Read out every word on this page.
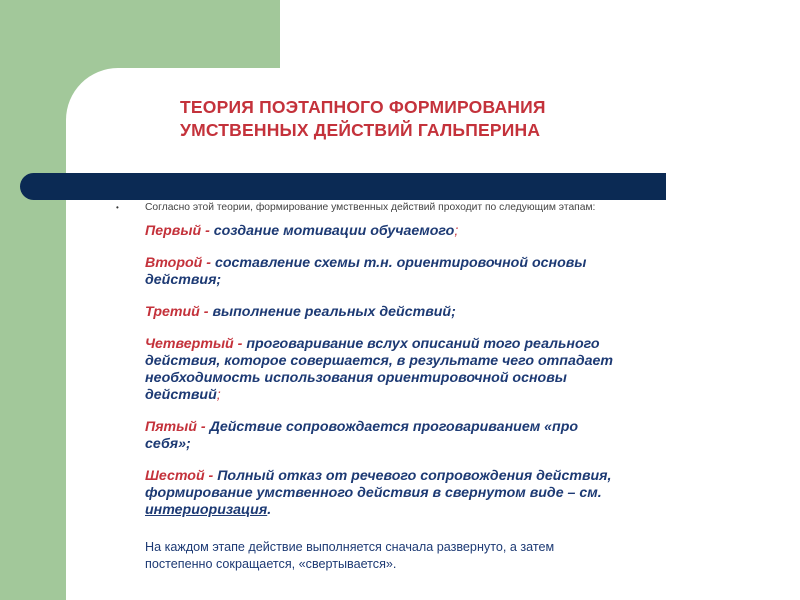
ТЕОРИЯ ПОЭТАПНОГО ФОРМИРОВАНИЯ
УМСТВЕННЫХ ДЕЙСТВИЙ ГАЛЬПЕРИНА
•	Согласно этой теории, формирование умственных действий проходит по следующим этапам:
Первый - создание мотивации обучаемого;
Второй - составление схемы т.н. ориентировочной основы
действия;
Третий - выполнение реальных действий;
Четвертый - проговаривание вслух описаний того реального
действия, которое совершается, в результате чего отпадает
необходимость использования ориентировочной основы
действий;
Пятый - Действие сопровождается проговариванием «про
себя»;
Шестой - Полный отказ от речевого сопровождения действия,
формирование умственного действия в свернутом виде – см.
интериоризация.
На каждом этапе действие выполняется сначала развернуто, а затем
постепенно сокращается, «свертывается».
